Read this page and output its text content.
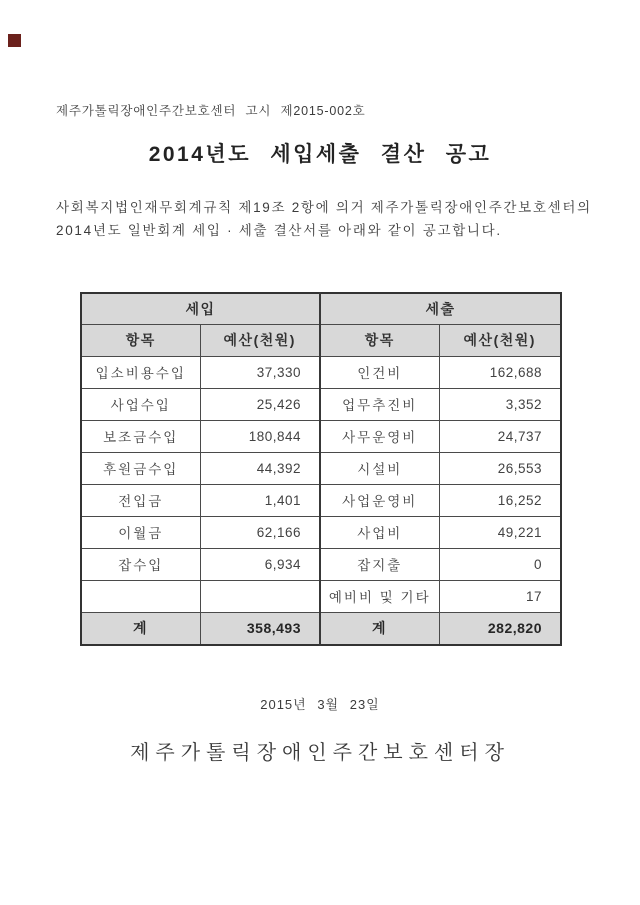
제주가톨릭장애인주간보호센터 고시 제2015-002호
2014년도 세입세출 결산 공고
사회복지법인재무회계규칙 제19조 2항에 의거 제주가톨릭장애인주간보호센터의
2014년도 일반회계 세입 · 세출 결산서를 아래와 같이 공고합니다.
세입		세출	
항목	예산(천원)	항목	예산(천원)
입소비용수입	37,330	인건비	162,688
사업수입	25,426	업무추진비	3,352
보조금수입	180,844	사무운영비	24,737
후원금수입	44,392	시설비	26,553
전입금	1,401	사업운영비	16,252
이월금	62,166	사업비	49,221
잡수입	6,934	잡지출	0
		예비비 및 기타	17
계	358,493	계	282,820
2015년 3월 23일
제주가톨릭장애인주간보호센터장
